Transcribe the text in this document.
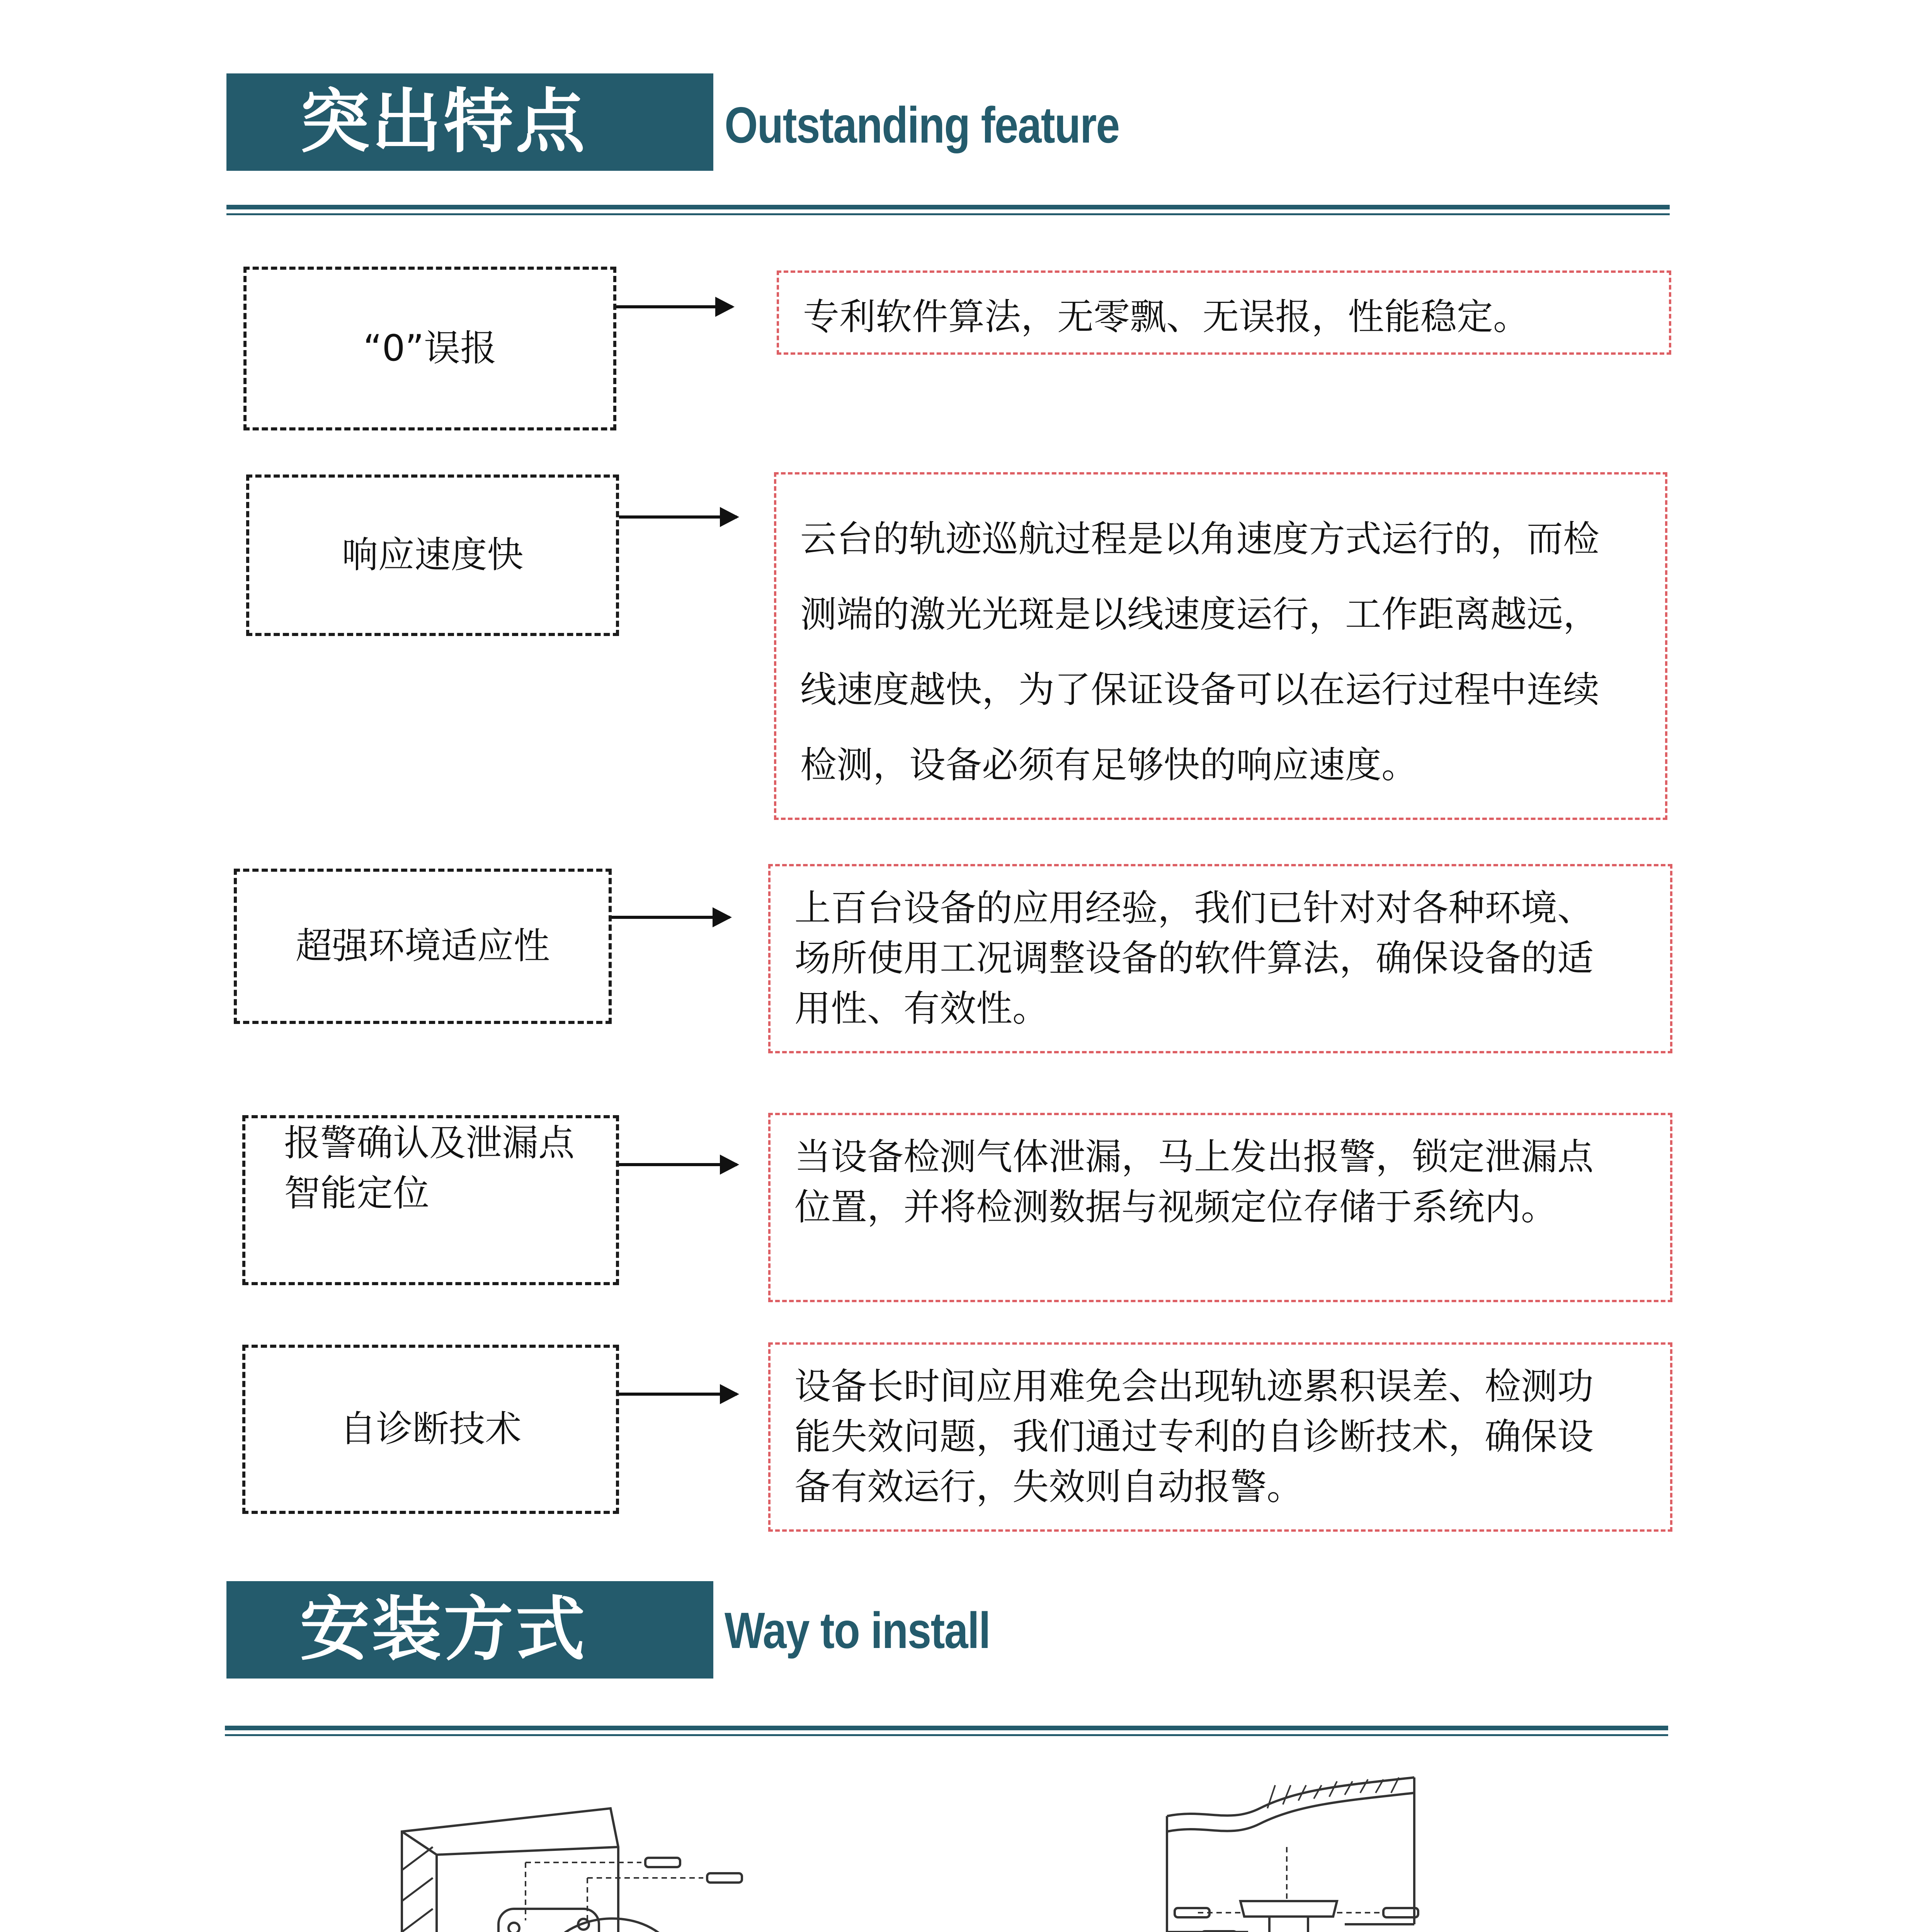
突出特点	Outstanding feature
“0”误报
专利软件算法，无零飘、无误报，性能稳定。
响应速度快	云台的轨迹巡航过程是以角速度方式运行的，而检
测端的激光光斑是以线速度运行，工作距离越远，
线速度越快，为了保证设备可以在运行过程中连续
检测，设备必须有足够快的响应速度。
超强环境适应性
上百台设备的应用经验，我们已针对对各种环境、
场所使用工况调整设备的软件算法，确保设备的适
用性、有效性。
报警确认及泄漏点
智能定位
当设备检测气体泄漏，马上发出报警，锁定泄漏点
位置，并将检测数据与视频定位存储于系统内。
自诊断技术
设备长时间应用难免会出现轨迹累积误差、检测功
能失效问题，我们通过专利的自诊断技术，确保设
备有效运行，失效则自动报警。
安装方式	Way to install
